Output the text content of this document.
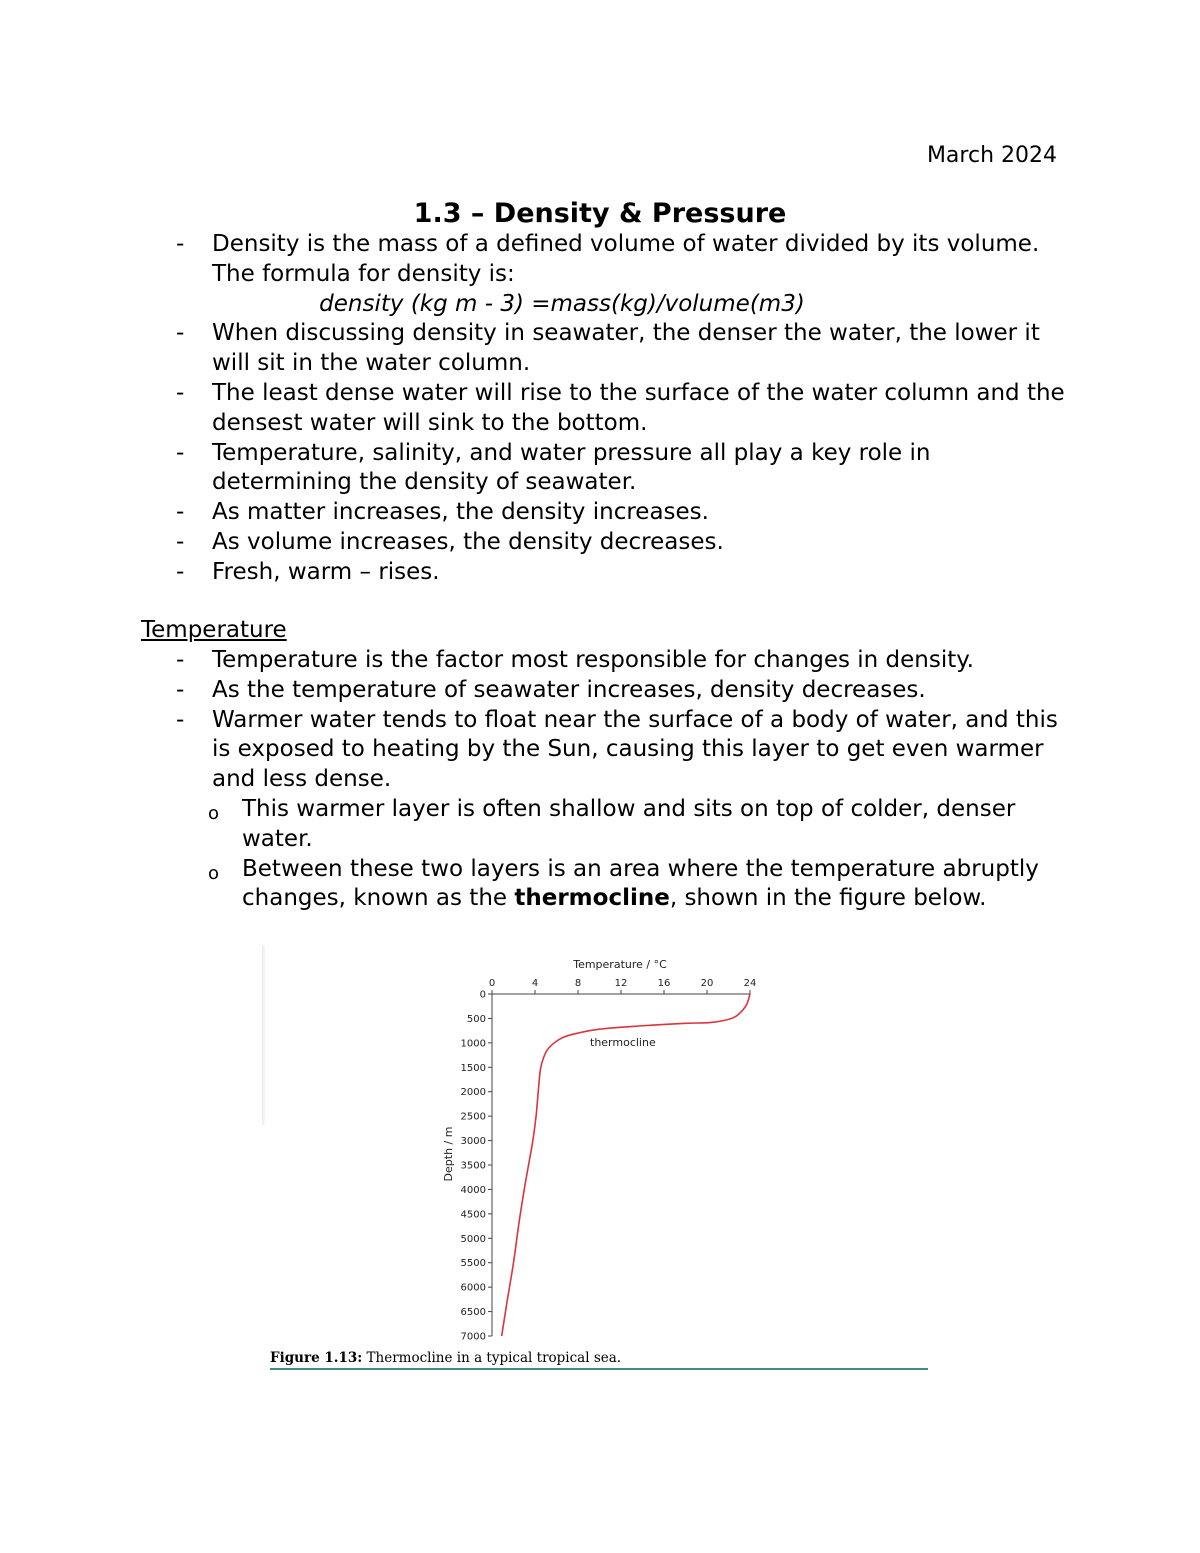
March 2024
1.3 – Density & Pressure
- Density is the mass of a defined volume of water divided by its volume. The formula for density is:
density (kg m - 3) =mass(kg)/volume(m3)
- When discussing density in seawater, the denser the water, the lower it will sit in the water column.
- The least dense water will rise to the surface of the water column and the densest water will sink to the bottom.
- Temperature, salinity, and water pressure all play a key role in determining the density of seawater.
- As matter increases, the density increases.
- As volume increases, the density decreases.
- Fresh, warm – rises.
Temperature
- Temperature is the factor most responsible for changes in density.
- As the temperature of seawater increases, density decreases.
- Warmer water tends to float near the surface of a body of water, and this is exposed to heating by the Sun, causing this layer to get even warmer and less dense.
o This warmer layer is often shallow and sits on top of colder, denser water.
o Between these two layers is an area where the temperature abruptly changes, known as the thermocline, shown in the figure below.
Temperature / °C
Depth / m
0	4	8	12	16	20	24
0
500
1000
1500
2000
2500
3000
3500
4000
4500
5000
5500
6000
6500
7000
thermocline
Figure 1.13: Thermocline in a typical tropical sea.
